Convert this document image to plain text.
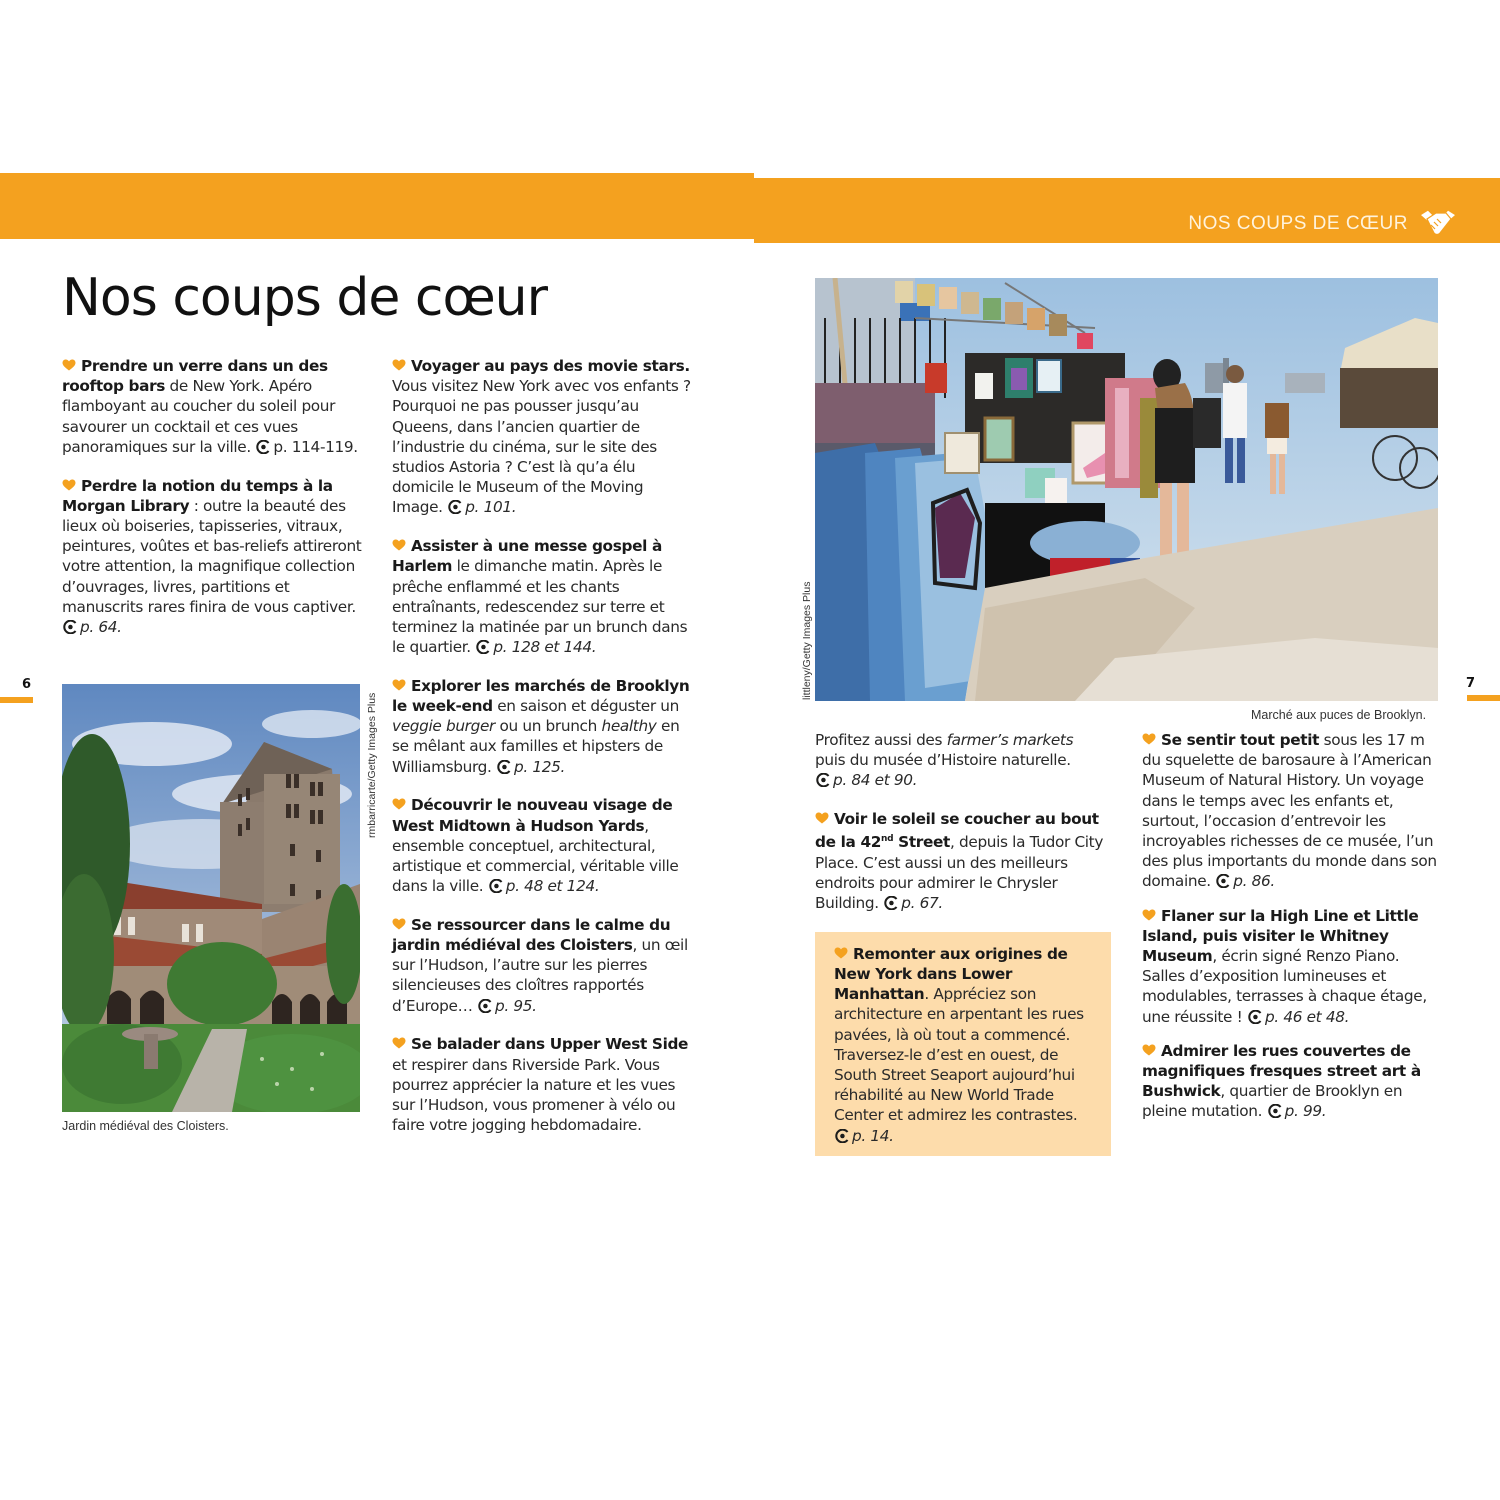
NOS COUPS DE CŒUR
Nos coups de cœur

Prendre un verre dans un des rooftop bars de New York. Apéro flamboyant au coucher du soleil pour savourer un cocktail et ces vues panoramiques sur la ville. p. 114-119.

Perdre la notion du temps à la Morgan Library : outre la beauté des lieux où boiseries, tapisseries, vitraux, peintures, voûtes et bas-reliefs attireront votre attention, la magnifique collection d’ouvrages, livres, partitions et manuscrits rares finira de vous captiver. p. 64.

Voyager au pays des movie stars. Vous visitez New York avec vos enfants ? Pourquoi ne pas pousser jusqu’au Queens, dans l’ancien quartier de l’industrie du cinéma, sur le site des studios Astoria ? C’est là qu’a élu domicile le Museum of the Moving Image. p. 101.

Assister à une messe gospel à Harlem le dimanche matin. Après le prêche enflammé et les chants entraînants, redescendez sur terre et terminez la matinée par un brunch dans le quartier. p. 128 et 144.

Explorer les marchés de Brooklyn le week-end en saison et déguster un veggie burger ou un brunch healthy en se mêlant aux familles et hipsters de Williamsburg. p. 125.

Découvrir le nouveau visage de West Midtown à Hudson Yards, ensemble conceptuel, architectural, artistique et commercial, véritable ville dans la ville. p. 48 et 124.

Se ressourcer dans le calme du jardin médiéval des Cloisters, un œil sur l’Hudson, l’autre sur les pierres silencieuses des cloîtres rapportés d’Europe… p. 95.

Se balader dans Upper West Side et respirer dans Riverside Park. Vous pourrez apprécier la nature et les vues sur l’Hudson, vous promener à vélo ou faire votre jogging hebdomadaire.

Profitez aussi des farmer’s markets puis du musée d’Histoire naturelle. p. 84 et 90.

Voir le soleil se coucher au bout de la 42nd Street, depuis la Tudor City Place. C’est aussi un des meilleurs endroits pour admirer le Chrysler Building. p. 67.

Remonter aux origines de New York dans Lower Manhattan. Appréciez son architecture en arpentant les rues pavées, là où tout a commencé. Traversez-le d’est en ouest, de South Street Seaport aujourd’hui réhabilité au New World Trade Center et admirez les contrastes. p. 14.

Se sentir tout petit sous les 17 m du squelette de barosaure à l’American Museum of Natural History. Un voyage dans le temps avec les enfants et, surtout, l’occasion d’entrevoir les incroyables richesses de ce musée, l’un des plus importants du monde dans son domaine. p. 86.

Flaner sur la High Line et Little Island, puis visiter le Whitney Museum, écrin signé Renzo Piano. Salles d’exposition lumineuses et modulables, terrasses à chaque étage, une réussite ! p. 46 et 48.

Admirer les rues couvertes de magnifiques fresques street art à Bushwick, quartier de Brooklyn en pleine mutation. p. 99.

rmbarricarte/Getty Images Plus
Jardin médiéval des Cloisters.
littleny/Getty Images Plus
Marché aux puces de Brooklyn.
6	7
